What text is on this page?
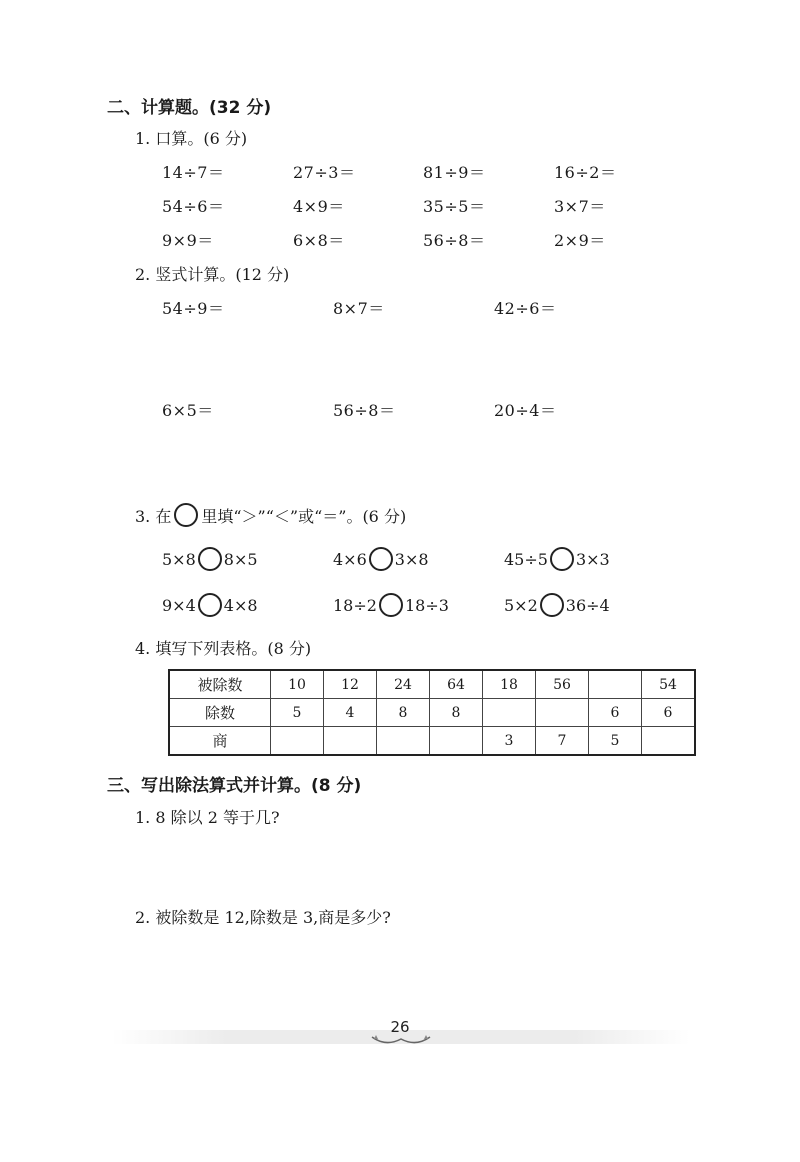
二、计算题。(32 分)
1. 口算。(6 分)
14÷7＝	27÷3＝	81÷9＝	16÷2＝
54÷6＝	4×9＝	35÷5＝	3×7＝
9×9＝	6×8＝	56÷8＝	2×9＝
2. 竖式计算。(12 分)
54÷9＝	8×7＝	42÷6＝
6×5＝	56÷8＝	20÷4＝
3. 在 里填“＞”“＜”或“＝”。(6 分)
5×8 8×5	4×6 3×8	45÷5 3×3
9×4 4×8	18÷2 18÷3	5×2 36÷4
4. 填写下列表格。(8 分)
被除数	10	12	24	64	18	56		54
除数	5	4	8	8			6	6
商					3	7	5	
三、写出除法算式并计算。(8 分)
1. 8 除以 2 等于几?
2. 被除数是 12,除数是 3,商是多少?
26
